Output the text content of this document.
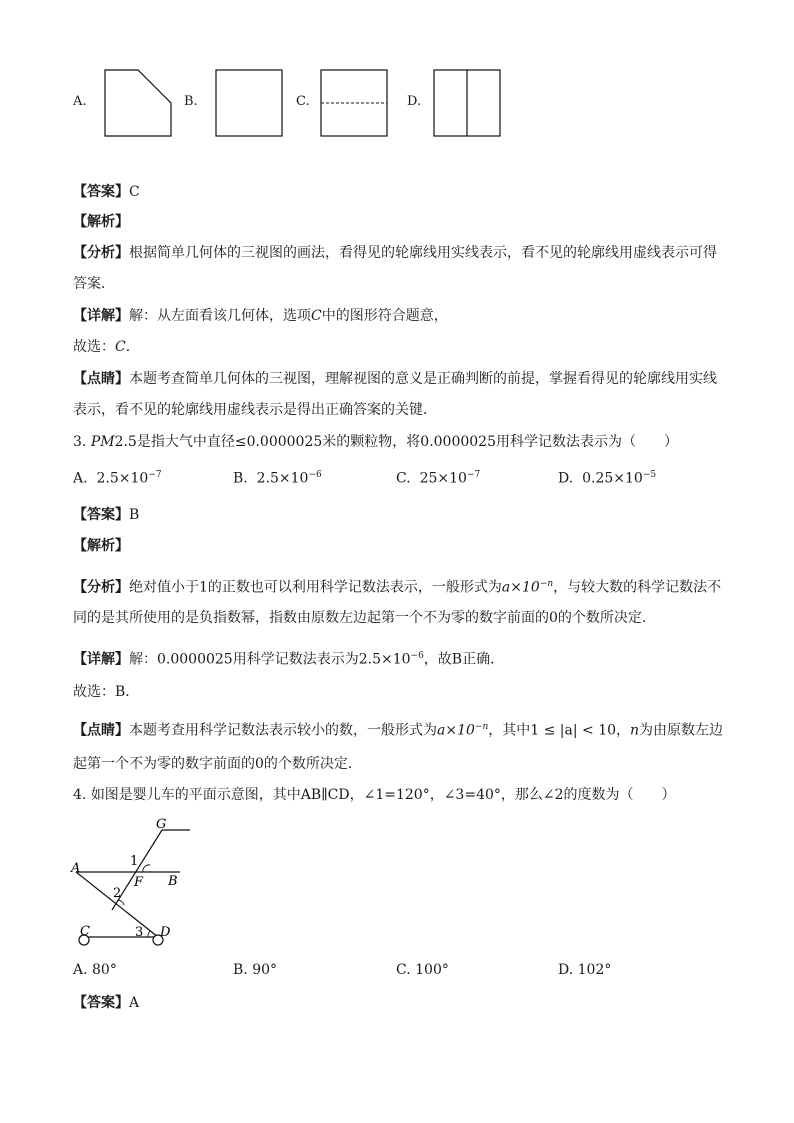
A.	B.	C.	D.
【答案】C
【解析】
【分析】根据简单几何体的三视图的画法，看得见的轮廓线用实线表示，看不见的轮廓线用虚线表示可得
答案．
【详解】解：从左面看该几何体，选项C中的图形符合题意，
故选：C．
【点睛】本题考查简单几何体的三视图，理解视图的意义是正确判断的前提，掌握看得见的轮廓线用实线
表示，看不见的轮廓线用虚线表示是得出正确答案的关键．
3. PM2.5是指大气中直径≤0.0000025米的颗粒物，将0.0000025用科学记数法表示为（　　）
A. $2.5\times 10^{-7}$	B. $2.5\times 10^{-6}$	C. $25\times 10^{-7}$	D. $0.25\times 10^{-5}$
【答案】B
【解析】
【分析】绝对值小于1的正数也可以利用科学记数法表示，一般形式为$a\times 10^{-n}$，与较大数的科学记数法不
同的是其所使用的是负指数幂，指数由原数左边起第一个不为零的数字前面的0的个数所决定．
【详解】解：0.0000025用科学记数法表示为$2.5\times 10^{-6}$，故B正确．
故选：B．
【点睛】本题考查用科学记数法表示较小的数，一般形式为$a\times 10^{-n}$，其中1 ≤ |a| < 10，n为由原数左边
起第一个不为零的数字前面的0的个数所决定．
4. 如图是婴儿车的平面示意图，其中AB∥CD，∠1=120°，∠3=40°，那么∠2的度数为（　　）
G
A
B
F
C	D
1
2
3
A. 80°	B. 90°	C. 100°	D. 102°
【答案】A
